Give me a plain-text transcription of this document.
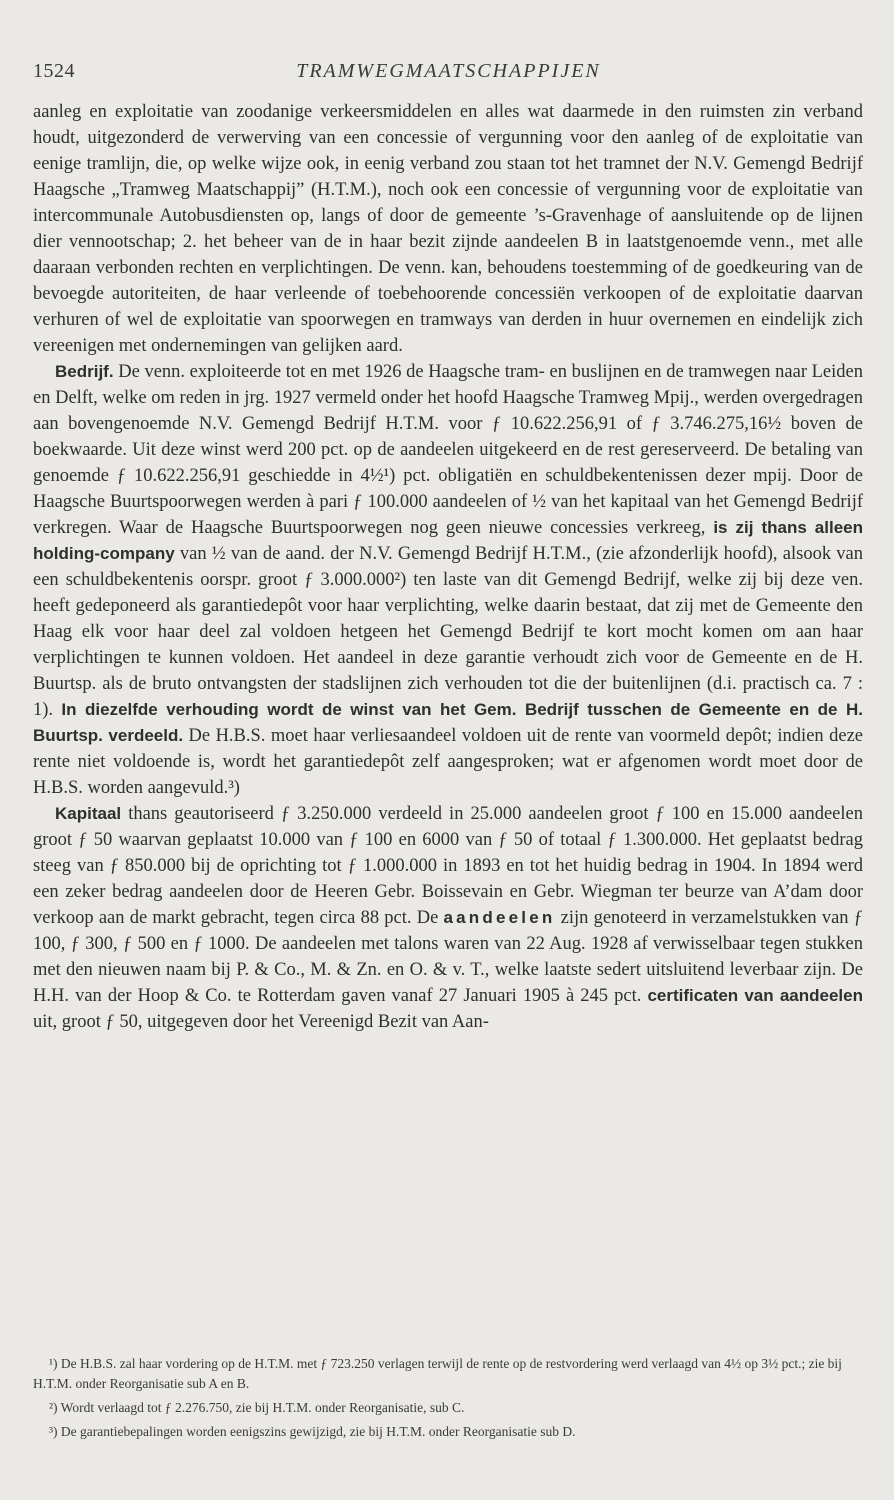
1524	TRAMWEGMAATSCHAPPIJEN

aanleg en exploitatie van zoodanige verkeersmiddelen en alles wat daarmede in den ruimsten zin verband houdt, uitgezonderd de verwerving van een concessie of vergunning voor den aanleg of de exploitatie van eenige tramlijn, die, op welke wijze ook, in eenig verband zou staan tot het tramnet der N.V. Gemengd Bedrijf Haagsche „Tramweg Maatschappij” (H.T.M.), noch ook een concessie of vergunning voor de exploitatie van intercommunale Autobusdiensten op, langs of door de gemeente ’s-Gravenhage of aansluitende op de lijnen dier vennootschap; 2. het beheer van de in haar bezit zijnde aandeelen B in laatstgenoemde venn., met alle daaraan verbonden rechten en verplichtingen. De venn. kan, behoudens toestemming of de goedkeuring van de bevoegde autoriteiten, de haar verleende of toebehoorende concessiën verkoopen of de exploitatie daarvan verhuren of wel de exploitatie van spoorwegen en tramways van derden in huur overnemen en eindelijk zich vereenigen met ondernemingen van gelijken aard.

Bedrijf. De venn. exploiteerde tot en met 1926 de Haagsche tram- en buslijnen en de tramwegen naar Leiden en Delft, welke om reden in jrg. 1927 vermeld onder het hoofd Haagsche Tramweg Mpij., werden overgedragen aan bovengenoemde N.V. Gemengd Bedrijf H.T.M. voor ƒ 10.622.256,91 of ƒ 3.746.275,16½ boven de boekwaarde. Uit deze winst werd 200 pct. op de aandeelen uitgekeerd en de rest gereserveerd. De betaling van genoemde ƒ 10.622.256,91 geschiedde in 4½¹) pct. obligatiën en schuldbekentenissen dezer mpij. Door de Haagsche Buurtspoorwegen werden à pari ƒ 100.000 aandeelen of ½ van het kapitaal van het Gemengd Bedrijf verkregen. Waar de Haagsche Buurtspoorwegen nog geen nieuwe concessies verkreeg, is zij thans alleen holding-company van ½ van de aand. der N.V. Gemengd Bedrijf H.T.M., (zie afzonderlijk hoofd), alsook van een schuldbekentenis oorspr. groot ƒ 3.000.000²) ten laste van dit Gemengd Bedrijf, welke zij bij deze ven. heeft gedeponeerd als garantiedepôt voor haar verplichting, welke daarin bestaat, dat zij met de Gemeente den Haag elk voor haar deel zal voldoen hetgeen het Gemengd Bedrijf te kort mocht komen om aan haar verplichtingen te kunnen voldoen. Het aandeel in deze garantie verhoudt zich voor de Gemeente en de H. Buurtsp. als de bruto ontvangsten der stadslijnen zich verhouden tot die der buitenlijnen (d.i. practisch ca. 7 : 1). In diezelfde verhouding wordt de winst van het Gem. Bedrijf tusschen de Gemeente en de H. Buurtsp. verdeeld. De H.B.S. moet haar verliesaandeel voldoen uit de rente van voormeld depôt; indien deze rente niet voldoende is, wordt het garantiedepôt zelf aangesproken; wat er afgenomen wordt moet door de H.B.S. worden aangevuld.³)

Kapitaal thans geautoriseerd ƒ 3.250.000 verdeeld in 25.000 aandeelen groot ƒ 100 en 15.000 aandeelen groot ƒ 50 waarvan geplaatst 10.000 van ƒ 100 en 6000 van ƒ 50 of totaal ƒ 1.300.000. Het geplaatst bedrag steeg van ƒ 850.000 bij de oprichting tot ƒ 1.000.000 in 1893 en tot het huidig bedrag in 1904. In 1894 werd een zeker bedrag aandeelen door de Heeren Gebr. Boissevain en Gebr. Wiegman ter beurze van A’dam door verkoop aan de markt gebracht, tegen circa 88 pct. De aandeelen zijn genoteerd in verzamelstukken van ƒ 100, ƒ 300, ƒ 500 en ƒ 1000. De aandeelen met talons waren van 22 Aug. 1928 af verwisselbaar tegen stukken met den nieuwen naam bij P. & Co., M. & Zn. en O. & v. T., welke laatste sedert uitsluitend leverbaar zijn. De H.H. van der Hoop & Co. te Rotterdam gaven vanaf 27 Januari 1905 à 245 pct. certificaten van aandeelen uit, groot ƒ 50, uitgegeven door het Vereenigd Bezit van Aan-

¹) De H.B.S. zal haar vordering op de H.T.M. met ƒ 723.250 verlagen terwijl de rente op de restvordering werd verlaagd van 4½ op 3½ pct.; zie bij H.T.M. onder Reorganisatie sub A en B.

²) Wordt verlaagd tot ƒ 2.276.750, zie bij H.T.M. onder Reorganisatie, sub C.

³) De garantiebepalingen worden eenigszins gewijzigd, zie bij H.T.M. onder Reorganisatie sub D.
